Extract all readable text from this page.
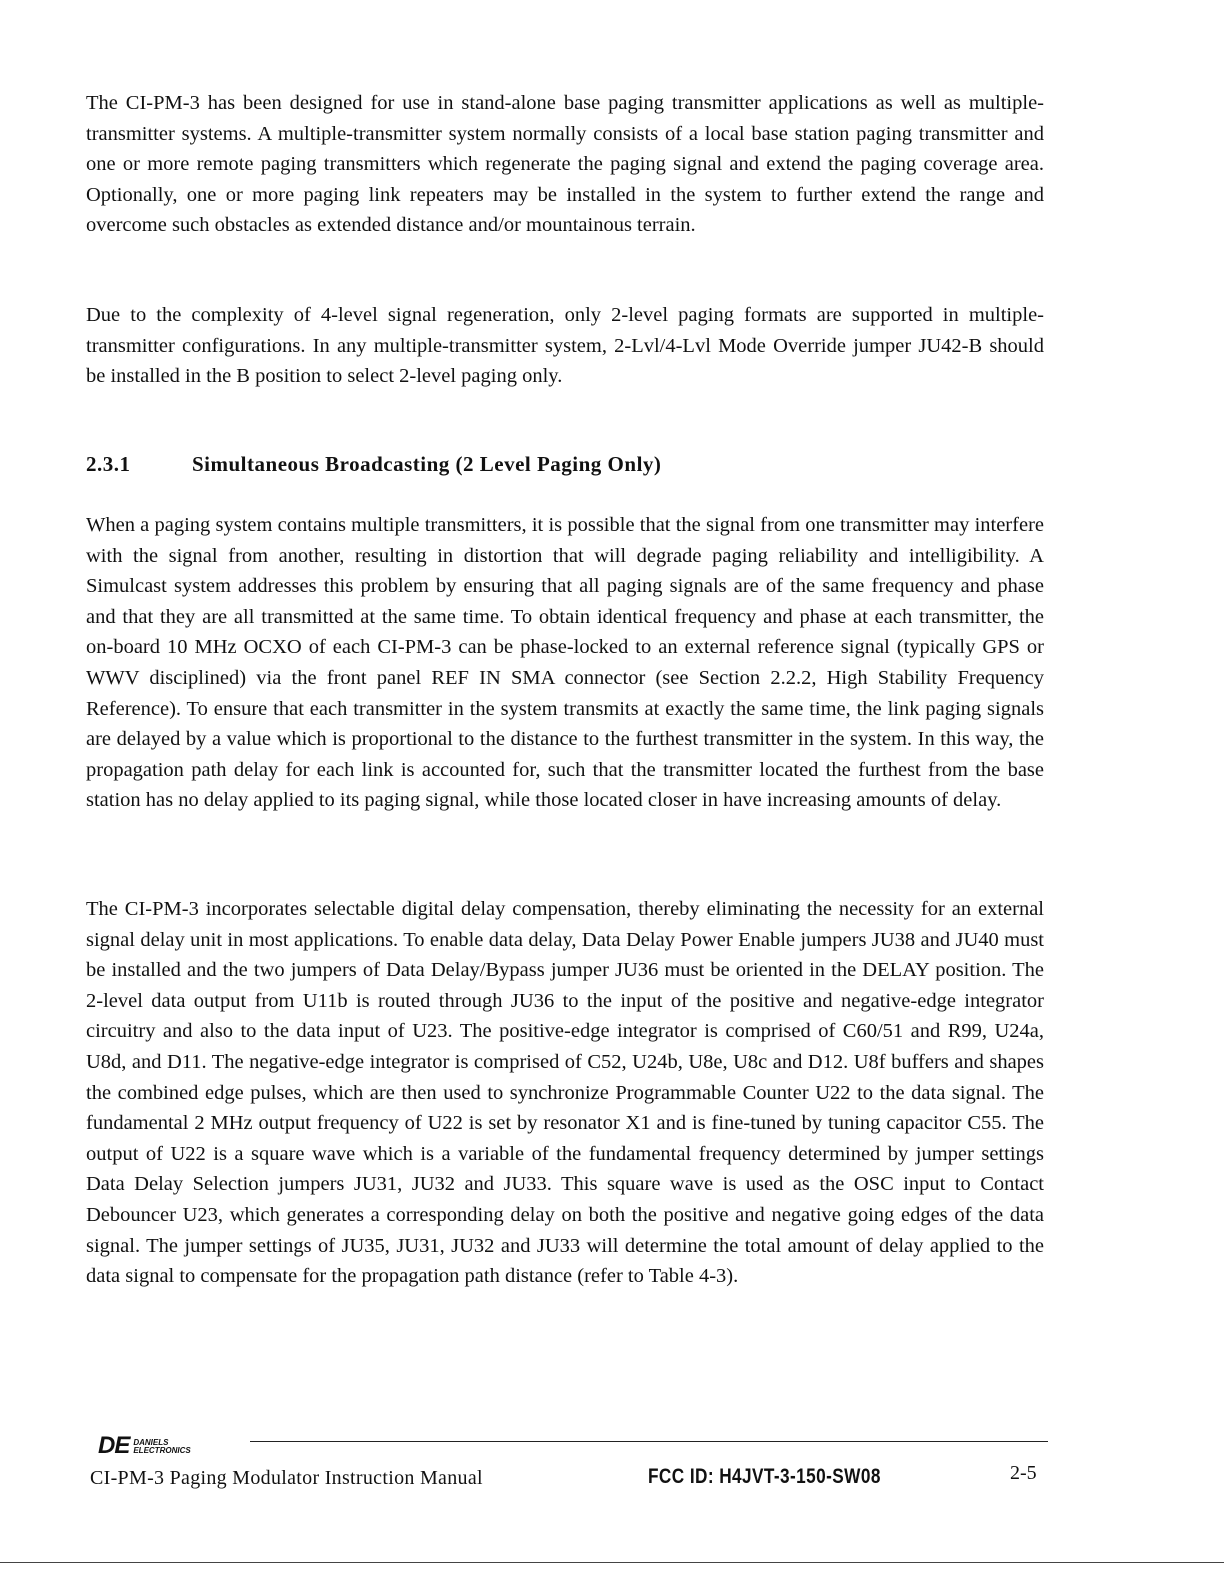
The CI-PM-3 has been designed for use in stand-alone base paging transmitter applications as well as multiple-transmitter systems. A multiple-transmitter system normally consists of a local base station paging transmitter and one or more remote paging transmitters which regenerate the paging signal and extend the paging coverage area. Optionally, one or more paging link repeaters may be installed in the system to further extend the range and overcome such obstacles as extended distance and/or mountainous terrain.

Due to the complexity of 4-level signal regeneration, only 2-level paging formats are supported in multiple-transmitter configurations. In any multiple-transmitter system, 2-Lvl/4-Lvl Mode Override jumper JU42-B should be installed in the B position to select 2-level paging only.

2.3.1	Simultaneous Broadcasting (2 Level Paging Only)

When a paging system contains multiple transmitters, it is possible that the signal from one transmitter may interfere with the signal from another, resulting in distortion that will degrade paging reliability and intelligibility. A Simulcast system addresses this problem by ensuring that all paging signals are of the same frequency and phase and that they are all transmitted at the same time. To obtain identical frequency and phase at each transmitter, the on-board 10 MHz OCXO of each CI-PM-3 can be phase-locked to an external reference signal (typically GPS or WWV disciplined) via the front panel REF IN SMA connector (see Section 2.2.2, High Stability Frequency Reference). To ensure that each transmitter in the system transmits at exactly the same time, the link paging signals are delayed by a value which is proportional to the distance to the furthest transmitter in the system. In this way, the propagation path delay for each link is accounted for, such that the transmitter located the furthest from the base station has no delay applied to its paging signal, while those located closer in have increasing amounts of delay.

The CI-PM-3 incorporates selectable digital delay compensation, thereby eliminating the necessity for an external signal delay unit in most applications. To enable data delay, Data Delay Power Enable jumpers JU38 and JU40 must be installed and the two jumpers of Data Delay/Bypass jumper JU36 must be oriented in the DELAY position. The 2-level data output from U11b is routed through JU36 to the input of the positive and negative-edge integrator circuitry and also to the data input of U23. The positive-edge integrator is comprised of C60/51 and R99, U24a, U8d, and D11. The negative-edge integrator is comprised of C52, U24b, U8e, U8c and D12. U8f buffers and shapes the combined edge pulses, which are then used to synchronize Programmable Counter U22 to the data signal. The fundamental 2 MHz output frequency of U22 is set by resonator X1 and is fine-tuned by tuning capacitor C55. The output of U22 is a square wave which is a variable of the fundamental frequency determined by jumper settings Data Delay Selection jumpers JU31, JU32 and JU33. This square wave is used as the OSC input to Contact Debouncer U23, which generates a corresponding delay on both the positive and negative going edges of the data signal. The jumper settings of JU35, JU31, JU32 and JU33 will determine the total amount of delay applied to the data signal to compensate for the propagation path distance (refer to Table 4-3).

DE DANIELS
ELECTRONICS
CI-PM-3 Paging Modulator Instruction Manual	FCC ID: H4JVT-3-150-SW08	2-5
